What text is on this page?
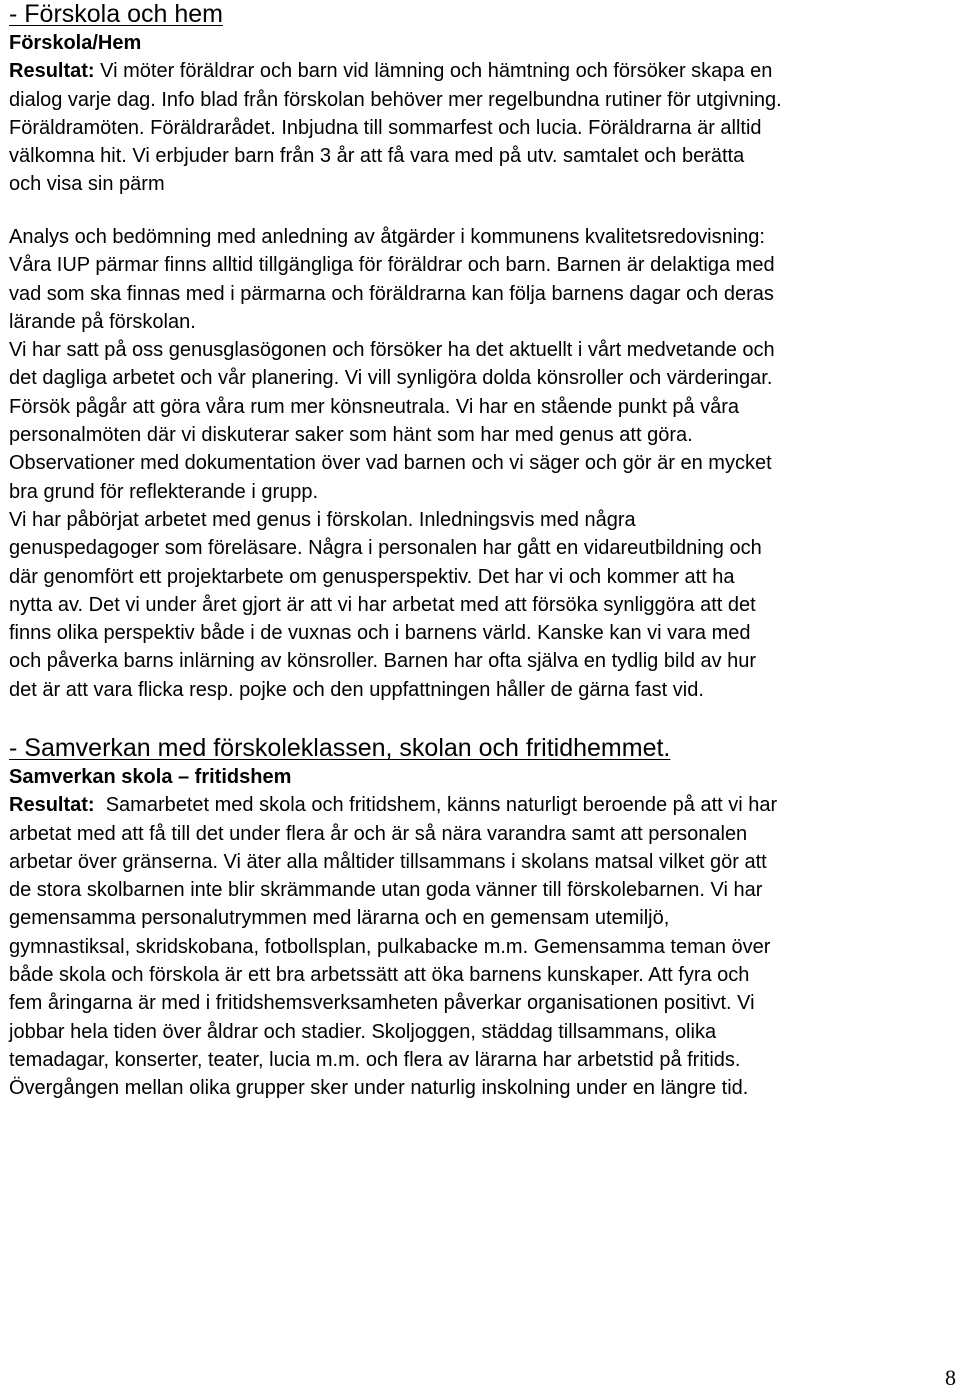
- Förskola och hem
Förskola/Hem
Resultat: Vi möter föräldrar och barn vid lämning och hämtning och försöker skapa en
dialog varje dag. Info blad från förskolan behöver mer regelbundna rutiner för utgivning.
Föräldramöten. Föräldrarådet. Inbjudna till sommarfest och lucia. Föräldrarna är alltid
välkomna hit. Vi erbjuder barn från 3 år att få vara med på utv. samtalet och berätta
och visa sin pärm
Analys och bedömning med anledning av åtgärder i kommunens kvalitetsredovisning:
Våra IUP pärmar finns alltid tillgängliga för föräldrar och barn. Barnen är delaktiga med
vad som ska finnas med i pärmarna och föräldrarna kan följa barnens dagar och deras
lärande på förskolan.
Vi har satt på oss genusglasögonen och försöker ha det aktuellt i vårt medvetande och
det dagliga arbetet och vår planering. Vi vill synligöra dolda könsroller och värderingar.
Försök pågår att göra våra rum mer könsneutrala. Vi har en stående punkt på våra
personalmöten där vi diskuterar saker som hänt som har med genus att göra.
Observationer med dokumentation över vad barnen och vi säger och gör är en mycket
bra grund för reflekterande i grupp.
Vi har påbörjat arbetet med genus i förskolan. Inledningsvis med några
genuspedagoger som föreläsare. Några i personalen har gått en vidareutbildning och
där genomfört ett projektarbete om genusperspektiv. Det har vi och kommer att ha
nytta av. Det vi under året gjort är att vi har arbetat med att försöka synliggöra att det
finns olika perspektiv både i de vuxnas och i barnens värld. Kanske kan vi vara med
och påverka barns inlärning av könsroller. Barnen har ofta själva en tydlig bild av hur
det är att vara flicka resp. pojke och den uppfattningen håller de gärna fast vid.
- Samverkan med förskoleklassen, skolan och fritidhemmet.
Samverkan skola – fritidshem
Resultat:  Samarbetet med skola och fritidshem, känns naturligt beroende på att vi har
arbetat med att få till det under flera år och är så nära varandra samt att personalen
arbetar över gränserna. Vi äter alla måltider tillsammans i skolans matsal vilket gör att
de stora skolbarnen inte blir skrämmande utan goda vänner till förskolebarnen. Vi har
gemensamma personalutrymmen med lärarna och en gemensam utemiljö,
gymnastiksal, skridskobana, fotbollsplan, pulkabacke m.m. Gemensamma teman över
både skola och förskola är ett bra arbetssätt att öka barnens kunskaper. Att fyra och
fem åringarna är med i fritidshemsverksamheten påverkar organisationen positivt. Vi
jobbar hela tiden över åldrar och stadier. Skoljoggen, städdag tillsammans, olika
temadagar, konserter, teater, lucia m.m. och flera av lärarna har arbetstid på fritids.
Övergången mellan olika grupper sker under naturlig inskolning under en längre tid.
8
